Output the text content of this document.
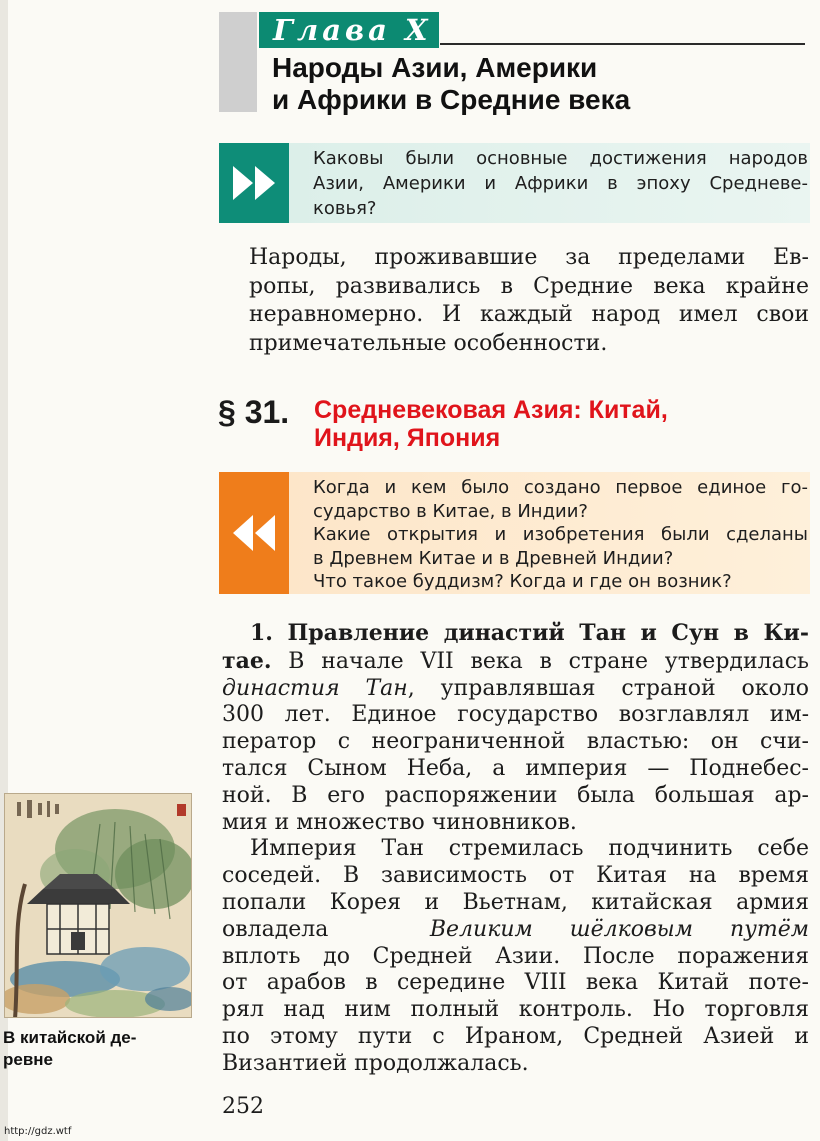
Глава X
Народы Азии, Америки
и Африки в Средние века
Каковы были основные достижения народов
Азии, Америки и Африки в эпоху Средневе-
ковья?
Народы, проживавшие за пределами Ев-
ропы, развивались в Средние века крайне
неравномерно. И каждый народ имел свои
примечательные особенности.
§ 31. Средневековая Азия: Китай,
Индия, Япония
Когда и кем было создано первое единое го-
сударство в Китае, в Индии?
Какие открытия и изобретения были сделаны
в Древнем Китае и в Древней Индии?
Что такое буддизм? Когда и где он возник?
1. Правление династий Тан и Сун в Ки-
тае. В начале VII века в стране утвердилась
династия Тан, управлявшая страной около
300 лет. Единое государство возглавлял им-
ператор с неограниченной властью: он счи-
тался Сыном Неба, а империя — Поднебес-
ной. В его распоряжении была большая ар-
мия и множество чиновников.
Империя Тан стремилась подчинить себе
соседей. В зависимость от Китая на время
попали Корея и Вьетнам, китайская армия
овладела	Великим шёлковым путём
вплоть до Средней Азии. После поражения
от арабов в середине VIII века Китай поте-
рял над ним полный контроль. Но торговля
по этому пути с Ираном, Средней Азией и
Византией продолжалась.
В китайской де-
ревне
252
http://gdz.wtf
